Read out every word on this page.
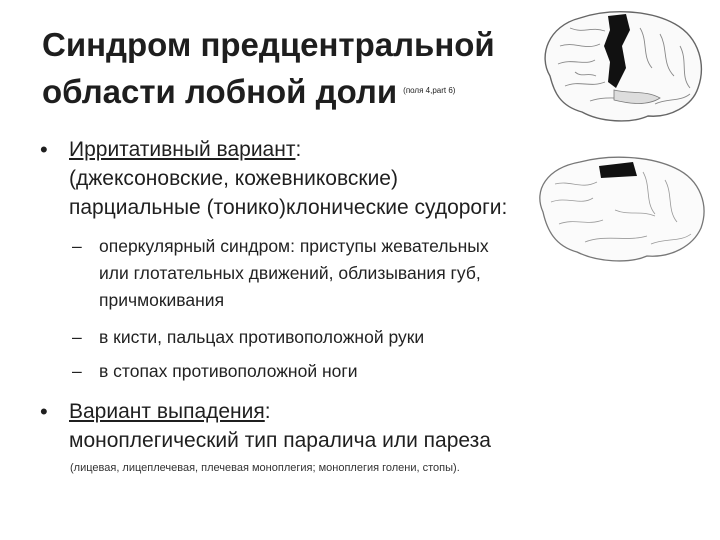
Синдром предцентральной
области лобной доли $^{(поля 4,part 6)}$
• Ирритативный вариант:
(джексоновские, кожевниковские)
парциальные (тонико)клонические судороги:
– оперкулярный синдром: приступы жевательных
или глотательных движений, облизывания губ,
причмокивания
– в кисти, пальцах противоположной руки
– в стопах противоположной ноги
• Вариант выпадения:
моноплегический тип паралича или пареза
(лицевая, лицеплечевая, плечевая моноплегия; моноплегия голени, стопы).
